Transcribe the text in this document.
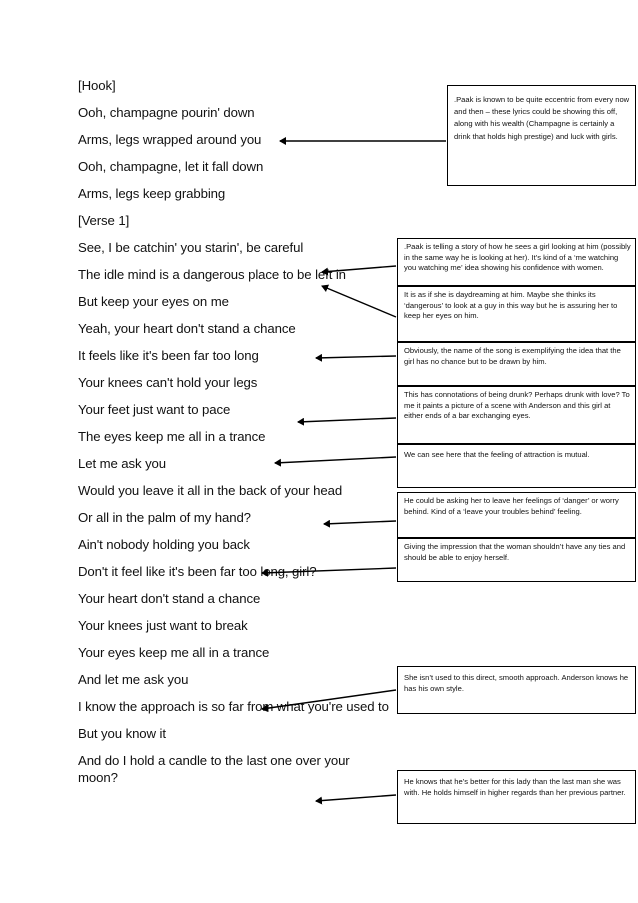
[Hook]
Ooh, champagne pourin' down
Arms, legs wrapped around you
Ooh, champagne, let it fall down
Arms, legs keep grabbing
[Verse 1]
See, I be catchin' you starin', be careful
The idle mind is a dangerous place to be left in
But keep your eyes on me
Yeah, your heart don't stand a chance
It feels like it's been far too long
Your knees can't hold your legs
Your feet just want to pace
The eyes keep me all in a trance
Let me ask you
Would you leave it all in the back of your head
Or all in the palm of my hand?
Ain't nobody holding you back
Don't it feel like it's been far too long, girl?
Your heart don't stand a chance
Your knees just want to break
Your eyes keep me all in a trance
And let me ask you
I know the approach is so far from what you're used to
But you know it
And do I hold a candle to the last one over your moon?

.Paak is known to be quite eccentric from every now and then – these lyrics could be showing this off, along with his wealth (Champagne is certainly a drink that holds high prestige) and luck with girls.

.Paak is telling a story of how he sees a girl looking at him (possibly in the same way he is looking at her). It’s kind of a ‘me watching you watching me’ idea showing his confidence with women.

It is as if she is daydreaming at him. Maybe she thinks its ‘dangerous’ to look at a guy in this way but he is assuring her to keep her eyes on him.

Obviously, the name of the song is exemplifying the idea that the girl has no chance but to be drawn by him.

This has connotations of being drunk? Perhaps drunk with love? To me it paints a picture of a scene with Anderson and this girl at either ends of a bar exchanging eyes.

We can see here that the feeling of attraction is mutual.

He could be asking her to leave her feelings of ‘danger’ or worry behind. Kind of a ‘leave your troubles behind’ feeling.

Giving the impression that the woman shouldn’t have any ties and should be able to enjoy herself.

She isn’t used to this direct, smooth approach. Anderson knows he has his own style.

He knows that he’s better for this lady than the last man she was with. He holds himself in higher regards than her previous partner.
